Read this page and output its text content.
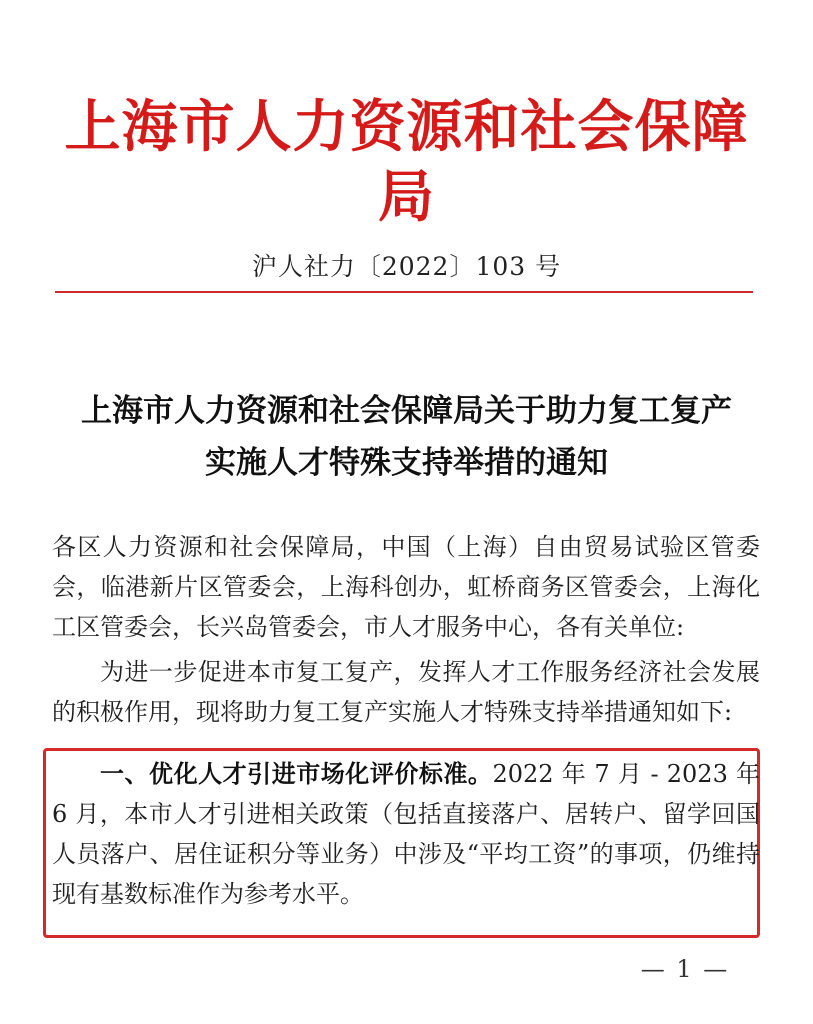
上海市人力资源和社会保障局
沪人社力〔2022〕103 号
上海市人力资源和社会保障局关于助力复工复产
实施人才特殊支持举措的通知
各区人力资源和社会保障局，中国（上海）自由贸易试验区管委会，临港新片区管委会，上海科创办，虹桥商务区管委会，上海化工区管委会，长兴岛管委会，市人才服务中心，各有关单位:
为进一步促进本市复工复产，发挥人才工作服务经济社会发展的积极作用，现将助力复工复产实施人才特殊支持举措通知如下:
一、优化人才引进市场化评价标准。2022 年 7 月 - 2023 年 6 月，本市人才引进相关政策（包括直接落户、居转户、留学回国人员落户、居住证积分等业务）中涉及“平均工资”的事项，仍维持现有基数标准作为参考水平。
— 1 —
